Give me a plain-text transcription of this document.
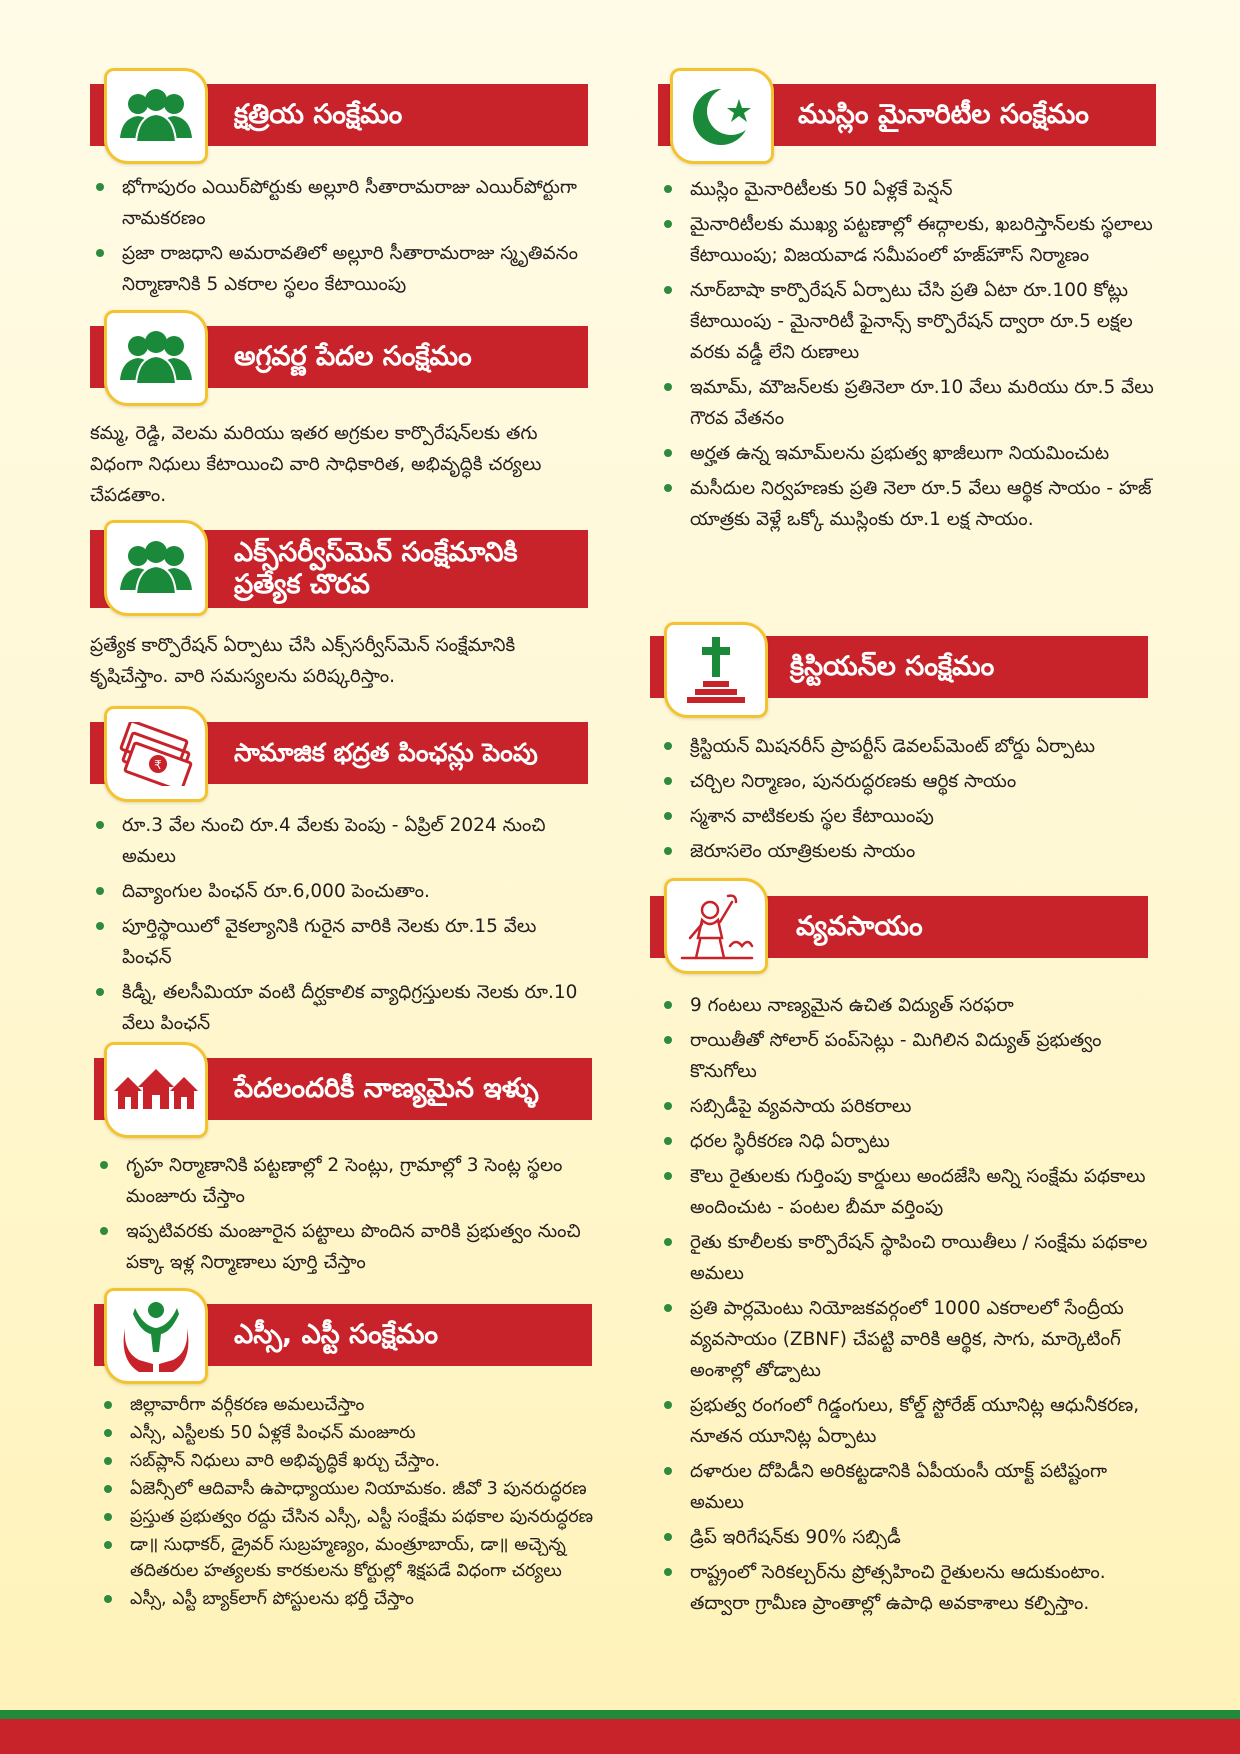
క్షత్రియ సంక్షేమం
భోగాపురం ఎయిర్‌పోర్టుకు అల్లూరి సీతారామరాజు ఎయిర్‌పోర్టుగా నామకరణం
ప్రజా రాజధాని అమరావతిలో అల్లూరి సీతారామరాజు స్మృతివనం నిర్మాణానికి 5 ఎకరాల స్థలం కేటాయింపు
అగ్రవర్ణ పేదల సంక్షేమం

కమ్మ, రెడ్డి, వెలమ మరియు ఇతర అగ్రకుల కార్పొరేషన్‌లకు తగు విధంగా నిధులు కేటాయించి వారి సాధికారిత, అభివృద్ధికి చర్యలు చేపడతాం.

ఎక్స్‌సర్వీస్‌మెన్ సంక్షేమానికి
ప్రత్యేక చొరవ

ప్రత్యేక కార్పొరేషన్ ఏర్పాటు చేసి ఎక్స్‌సర్వీస్‌మెన్ సంక్షేమానికి కృషిచేస్తాం. వారి సమస్యలను పరిష్కరిస్తాం.

సామాజిక భద్రత పింఛన్లు పెంపు
₹
రూ.3 వేల నుంచి రూ.4 వేలకు పెంపు - ఏప్రిల్ 2024 నుంచి అమలు
దివ్యాంగుల పింఛన్ రూ.6,000 పెంచుతాం.
పూర్తిస్థాయిలో వైకల్యానికి గురైన వారికి నెలకు రూ.15 వేలు పింఛన్
కిడ్నీ, తలసీమియా వంటి దీర్ఘకాలిక వ్యాధిగ్రస్తులకు నెలకు రూ.10 వేలు పింఛన్
పేదలందరికీ నాణ్యమైన ఇళ్ళు
గృహ నిర్మాణానికి పట్టణాల్లో 2 సెంట్లు, గ్రామాల్లో 3 సెంట్ల స్థలం మంజూరు చేస్తాం
ఇప్పటివరకు మంజూరైన పట్టాలు పొందిన వారికి ప్రభుత్వం నుంచి పక్కా ఇళ్ల నిర్మాణాలు పూర్తి చేస్తాం
ఎస్సీ, ఎస్టీ సంక్షేమం
జిల్లావారీగా వర్గీకరణ అమలుచేస్తాం
ఎస్సీ, ఎస్టీలకు 50 ఏళ్లకే పింఛన్ మంజూరు
సబ్‌ప్లాన్ నిధులు వారి అభివృద్ధికే ఖర్చు చేస్తాం.
ఏజెన్సీలో ఆదివాసీ ఉపాధ్యాయుల నియామకం. జీవో 3 పునరుద్ధరణ
ప్రస్తుత ప్రభుత్వం రద్దు చేసిన ఎస్సీ, ఎస్టీ సంక్షేమ పథకాల పునరుద్ధరణ
డా॥ సుధాకర్, డ్రైవర్ సుబ్రహ్మణ్యం, మంత్రూబాయ్, డా॥ అచ్చెన్న తదితరుల హత్యలకు కారకులను కోర్టుల్లో శిక్షపడే విధంగా చర్యలు
ఎస్సీ, ఎస్టీ బ్యాక్‌లాగ్ పోస్టులను భర్తీ చేస్తాం
ముస్లిం మైనారిటీల సంక్షేమం
ముస్లిం మైనారిటీలకు 50 ఏళ్లకే పెన్షన్
మైనారిటీలకు ముఖ్య పట్టణాల్లో ఈద్గాలకు, ఖబరిస్తాన్‌లకు స్థలాలు కేటాయింపు; విజయవాడ సమీపంలో హజ్‌హౌస్ నిర్మాణం
నూర్‌బాషా కార్పొరేషన్ ఏర్పాటు చేసి ప్రతి ఏటా రూ.100 కోట్లు కేటాయింపు - మైనారిటీ ఫైనాన్స్ కార్పొరేషన్ ద్వారా రూ.5 లక్షల వరకు వడ్డీ లేని రుణాలు
ఇమామ్, మౌజన్‌లకు ప్రతినెలా రూ.10 వేలు మరియు రూ.5 వేలు గౌరవ వేతనం
అర్హత ఉన్న ఇమామ్‌లను ప్రభుత్వ ఖాజీలుగా నియమించుట
మసీదుల నిర్వహణకు ప్రతి నెలా రూ.5 వేలు ఆర్థిక సాయం - హజ్ యాత్రకు వెళ్లే ఒక్కో ముస్లింకు రూ.1 లక్ష సాయం.
క్రిస్టియన్‌ల సంక్షేమం
క్రిస్టియన్ మిషనరీస్ ప్రాపర్టీస్ డెవలప్‌మెంట్ బోర్డు ఏర్పాటు
చర్చిల నిర్మాణం, పునరుద్ధరణకు ఆర్థిక సాయం
స్మశాన వాటికలకు స్థల కేటాయింపు
జెరూసలెం యాత్రికులకు సాయం
వ్యవసాయం
9 గంటలు నాణ్యమైన ఉచిత విద్యుత్ సరఫరా
రాయితీతో సోలార్ పంప్‌సెట్లు - మిగిలిన విద్యుత్ ప్రభుత్వం కొనుగోలు
సబ్సిడీపై వ్యవసాయ పరికరాలు
ధరల స్థిరీకరణ నిధి ఏర్పాటు
కౌలు రైతులకు గుర్తింపు కార్డులు అందజేసి అన్ని సంక్షేమ పథకాలు అందించుట - పంటల బీమా వర్తింపు
రైతు కూలీలకు కార్పొరేషన్ స్థాపించి రాయితీలు / సంక్షేమ పథకాల అమలు
ప్రతి పార్లమెంటు నియోజకవర్గంలో 1000 ఎకరాలలో సేంద్రీయ వ్యవసాయం (ZBNF) చేపట్టి వారికి ఆర్థిక, సాగు, మార్కెటింగ్ అంశాల్లో తోడ్పాటు
ప్రభుత్వ రంగంలో గిడ్డంగులు, కోల్డ్ స్టోరేజ్ యూనిట్ల ఆధునీకరణ, నూతన యూనిట్ల ఏర్పాటు
దళారుల దోపిడీని అరికట్టడానికి ఏపీయంసీ యాక్ట్ పటిష్టంగా అమలు
డ్రిప్ ఇరిగేషన్‌కు 90% సబ్సిడీ
రాష్ట్రంలో సెరికల్చర్‌ను ప్రోత్సహించి రైతులను ఆదుకుంటాం. తద్వారా గ్రామీణ ప్రాంతాల్లో ఉపాధి అవకాశాలు కల్పిస్తాం.
